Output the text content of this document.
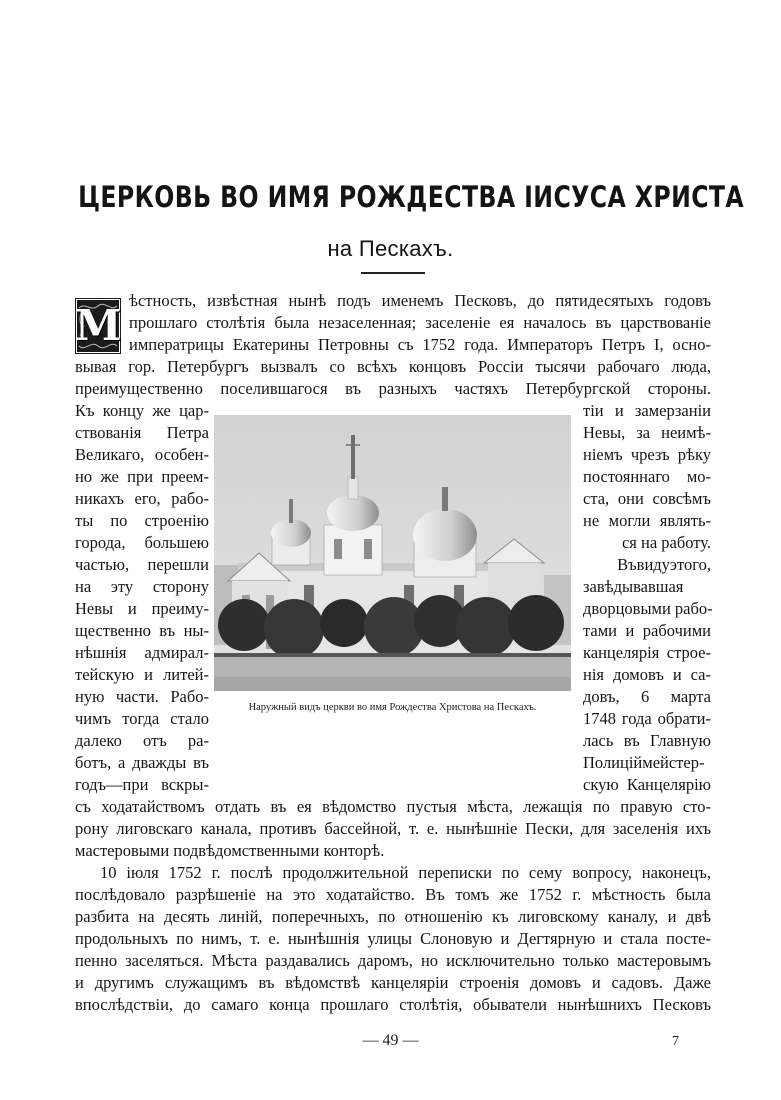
ЦЕРКОВЬ ВО ИМЯ РОЖДЕСТВА IИСУСА ХРИСТА
на Пескахъ.
М
ѣстность, извѣстная нынѣ подъ именемъ Песковъ, до пятидесятыхъ годовъ
прошлаго столѣтія была незаселенная; заселеніе ея началось въ царствованіе
императрицы Екатерины Петровны съ 1752 года. Императоръ Петръ I, осно-
вывая гор. Петербургъ вызвалъ со всѣхъ концовъ Россіи тысячи рабочаго люда,
преимущественно поселившагося въ разныхъ частяхъ Петербургской стороны.
Къ концу же цар-
ствованія Петра
Великаго, особен-
но же при преем-
никахъ его, рабо-
ты по строенію
города, большею
частью, перешли
на эту сторону
Невы и преиму-
щественно въ ны-
нѣшнія адмирал-
тейскую и литей-
ную части. Рабо-
чимъ тогда стало
далеко отъ ра-
ботъ, а дважды въ
годъ—при вскры-
тіи и замерзаніи
Невы, за неимѣ-
ніемъ чрезъ рѣку
постояннаго мо-
ста, они совсѣмъ
не могли являть-
ся на работу.
Въвидуэтого,
завѣдывавшая
дворцовыми рабо-
тами и рабочими
канцелярія строе-
нія домовъ и са-
довъ, 6 марта
1748 года обрати-
лась въ Главную
Полиціймейстер-
скую Канцелярію
Наружный видъ церкви во имя Рождества Христова на Пескахъ.
съ ходатайствомъ отдать въ ея вѣдомство пустыя мѣста, лежащія по правую сто-
рону лиговскаго канала, противъ бассейной, т. е. нынѣшніе Пески, для заселенія ихъ
мастеровыми подвѣдомственными конторѣ.
10 іюля 1752 г. послѣ продолжительной переписки по сему вопросу, наконецъ,
послѣдовало разрѣшеніе на это ходатайство. Въ томъ же 1752 г. мѣстность была
разбита на десять линій, поперечныхъ, по отношенію къ лиговскому каналу, и двѣ
продольныхъ по нимъ, т. е. нынѣшнія улицы Слоновую и Дегтярную и стала посте-
пенно заселяться. Мѣста раздавались даромъ, но исключительно только мастеровымъ
и другимъ служащимъ въ вѣдомствѣ канцеляріи строенія домовъ и садовъ. Даже
впослѣдствіи, до самаго конца прошлаго столѣтія, обыватели нынѣшнихъ Песковъ
— 49 —	7
